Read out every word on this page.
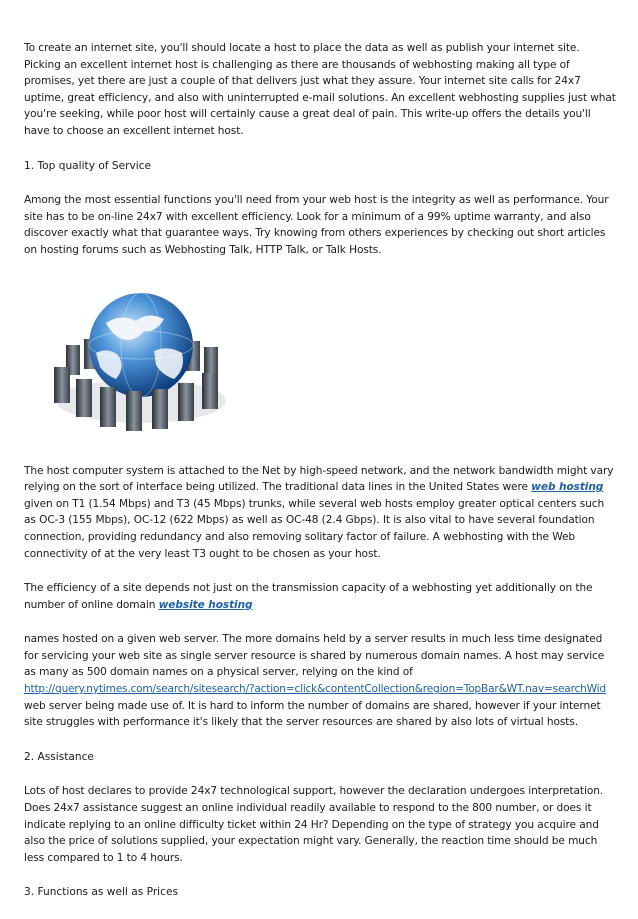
To create an internet site, you'll should locate a host to place the data as well as publish your internet site. Picking an excellent internet host is challenging as there are thousands of webhosting making all type of promises, yet there are just a couple of that delivers just what they assure. Your internet site calls for 24x7 uptime, great efficiency, and also with uninterrupted e-mail solutions. An excellent webhosting supplies just what you're seeking, while poor host will certainly cause a great deal of pain. This write-up offers the details you'll have to choose an excellent internet host.

1. Top quality of Service

Among the most essential functions you'll need from your web host is the integrity as well as performance. Your site has to be on-line 24x7 with excellent efficiency. Look for a minimum of a 99% uptime warranty, and also discover exactly what that guarantee ways. Try knowing from others experiences by checking out short articles on hosting forums such as Webhosting Talk, HTTP Talk, or Talk Hosts.

The host computer system is attached to the Net by high-speed network, and the network bandwidth might vary relying on the sort of interface being utilized. The traditional data lines in the United States were web hosting given on T1 (1.54 Mbps) and T3 (45 Mbps) trunks, while several web hosts employ greater optical centers such as OC-3 (155 Mbps), OC-12 (622 Mbps) as well as OC-48 (2.4 Gbps). It is also vital to have several foundation connection, providing redundancy and also removing solitary factor of failure. A webhosting with the Web connectivity of at the very least T3 ought to be chosen as your host.

The efficiency of a site depends not just on the transmission capacity of a webhosting yet additionally on the number of online domain website hosting

names hosted on a given web server. The more domains held by a server results in much less time designated for servicing your web site as single server resource is shared by numerous domain names. A host may service as many as 500 domain names on a physical server, relying on the kind of http://query.nytimes.com/search/sitesearch/?action=click&contentCollection&region=TopBar&WT.nav=searchWid web server being made use of. It is hard to inform the number of domains are shared, however if your internet site struggles with performance it's likely that the server resources are shared by also lots of virtual hosts.

2. Assistance

Lots of host declares to provide 24x7 technological support, however the declaration undergoes interpretation. Does 24x7 assistance suggest an online individual readily available to respond to the 800 number, or does it indicate replying to an online difficulty ticket within 24 Hr? Depending on the type of strategy you acquire and also the price of solutions supplied, your expectation might vary. Generally, the reaction time should be much less compared to 1 to 4 hours.

3. Functions as well as Prices
